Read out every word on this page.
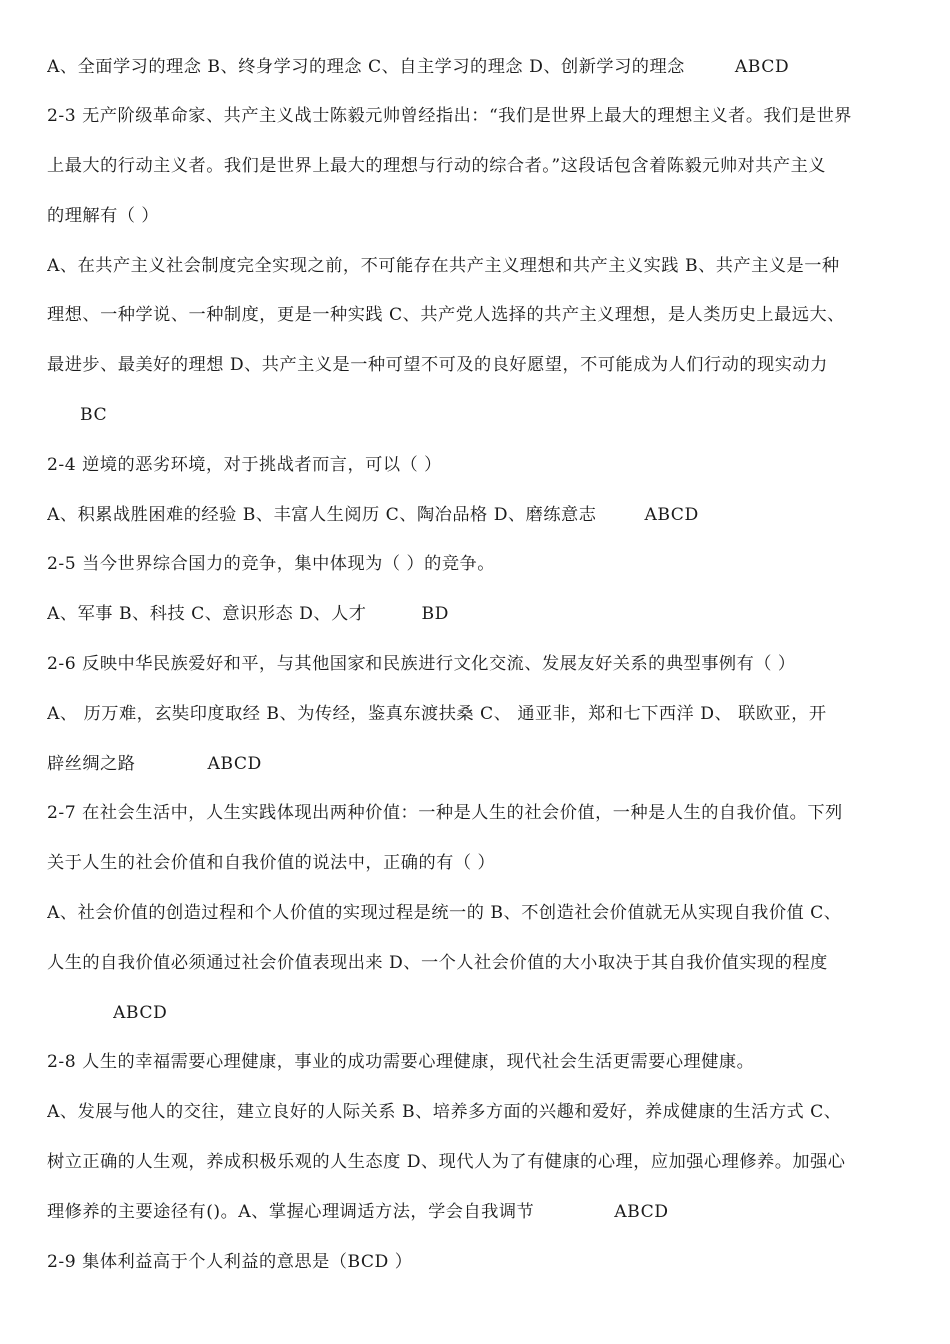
A、全面学习的理念 B、终身学习的理念 C、自主学习的理念 D、创新学习的理念	ABCD
2-3 无产阶级革命家、共产主义战士陈毅元帅曾经指出：“我们是世界上最大的理想主义者。我们是世界
上最大的行动主义者。我们是世界上最大的理想与行动的综合者。”这段话包含着陈毅元帅对共产主义
的理解有（ ）
A、在共产主义社会制度完全实现之前，不可能存在共产主义理想和共产主义实践 B、共产主义是一种
理想、一种学说、一种制度，更是一种实践 C、共产党人选择的共产主义理想，是人类历史上最远大、
最进步、最美好的理想 D、共产主义是一种可望不可及的良好愿望，不可能成为人们行动的现实动力
BC
2-4 逆境的恶劣环境，对于挑战者而言，可以（ ）
A、积累战胜困难的经验 B、丰富人生阅历 C、陶冶品格 D、磨练意志	ABCD
2-5 当今世界综合国力的竞争，集中体现为（ ）的竞争。
A、军事 B、科技 C、意识形态 D、人才	BD
2-6 反映中华民族爱好和平，与其他国家和民族进行文化交流、发展友好关系的典型事例有（ ）
A、 历万难，玄奘印度取经 B、为传经，鉴真东渡扶桑 C、 通亚非，郑和七下西洋 D、 联欧亚，开
辟丝绸之路	ABCD
2-7 在社会生活中，人生实践体现出两种价值：一种是人生的社会价值，一种是人生的自我价值。下列
关于人生的社会价值和自我价值的说法中，正确的有（ ）
A、社会价值的创造过程和个人价值的实现过程是统一的 B、不创造社会价值就无从实现自我价值 C、
人生的自我价值必须通过社会价值表现出来 D、一个人社会价值的大小取决于其自我价值实现的程度
ABCD
2-8 人生的幸福需要心理健康，事业的成功需要心理健康，现代社会生活更需要心理健康。
A、发展与他人的交往，建立良好的人际关系 B、培养多方面的兴趣和爱好，养成健康的生活方式 C、
树立正确的人生观，养成积极乐观的人生态度 D、现代人为了有健康的心理，应加强心理修养。加强心
理修养的主要途径有()。A、掌握心理调适方法，学会自我调节	ABCD
2-9 集体利益高于个人利益的意思是（BCD ）
